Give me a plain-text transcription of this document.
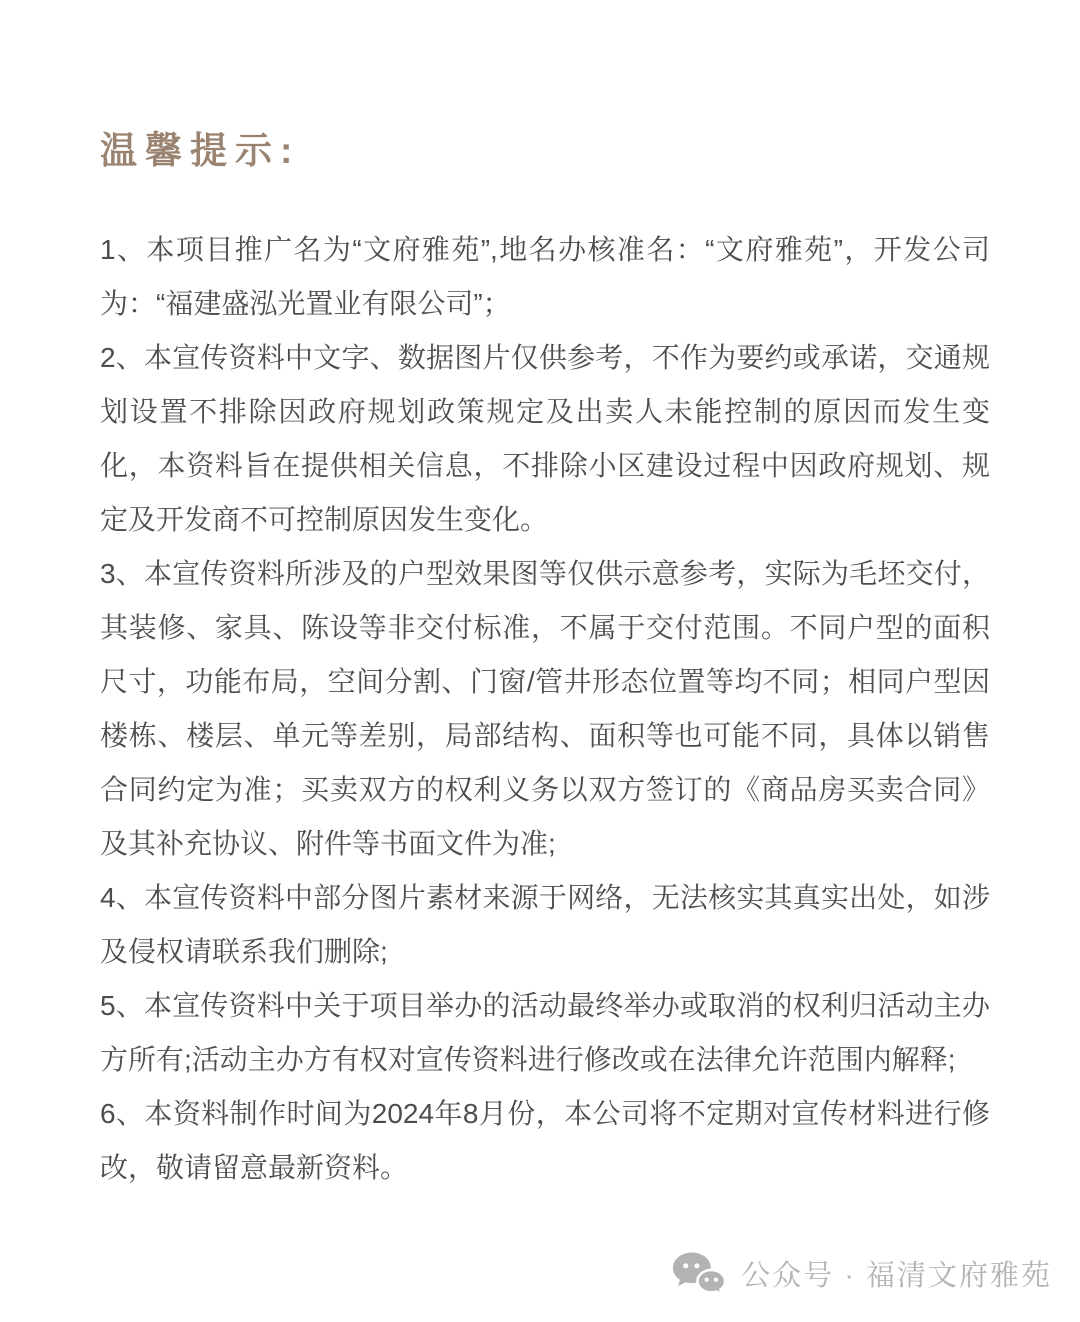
温馨提示:

1、本项目推广名为“文府雅苑”,地名办核准名：“文府雅苑”，开发公司为：“福建盛泓光置业有限公司”；

2、本宣传资料中文字、数据图片仅供参考，不作为要约或承诺，交通规划设置不排除因政府规划政策规定及出卖人未能控制的原因而发生变化，本资料旨在提供相关信息，不排除小区建设过程中因政府规划、规定及开发商不可控制原因发生变化。

3、本宣传资料所涉及的户型效果图等仅供示意参考，实际为毛坯交付，其装修、家具、陈设等非交付标准，不属于交付范围。不同户型的面积尺寸，功能布局，空间分割、门窗/管井形态位置等均不同；相同户型因楼栋、楼层、单元等差别，局部结构、面积等也可能不同，具体以销售合同约定为准；买卖双方的权利义务以双方签订的《商品房买卖合同》及其补充协议、附件等书面文件为准;

4、本宣传资料中部分图片素材来源于网络，无法核实其真实出处，如涉及侵权请联系我们删除;

5、本宣传资料中关于项目举办的活动最终举办或取消的权利归活动主办方所有;活动主办方有权对宣传资料进行修改或在法律允许范围内解释;

6、本资料制作时间为2024年8月份，本公司将不定期对宣传材料进行修改，敬请留意最新资料。

公众号 · 福清文府雅苑
